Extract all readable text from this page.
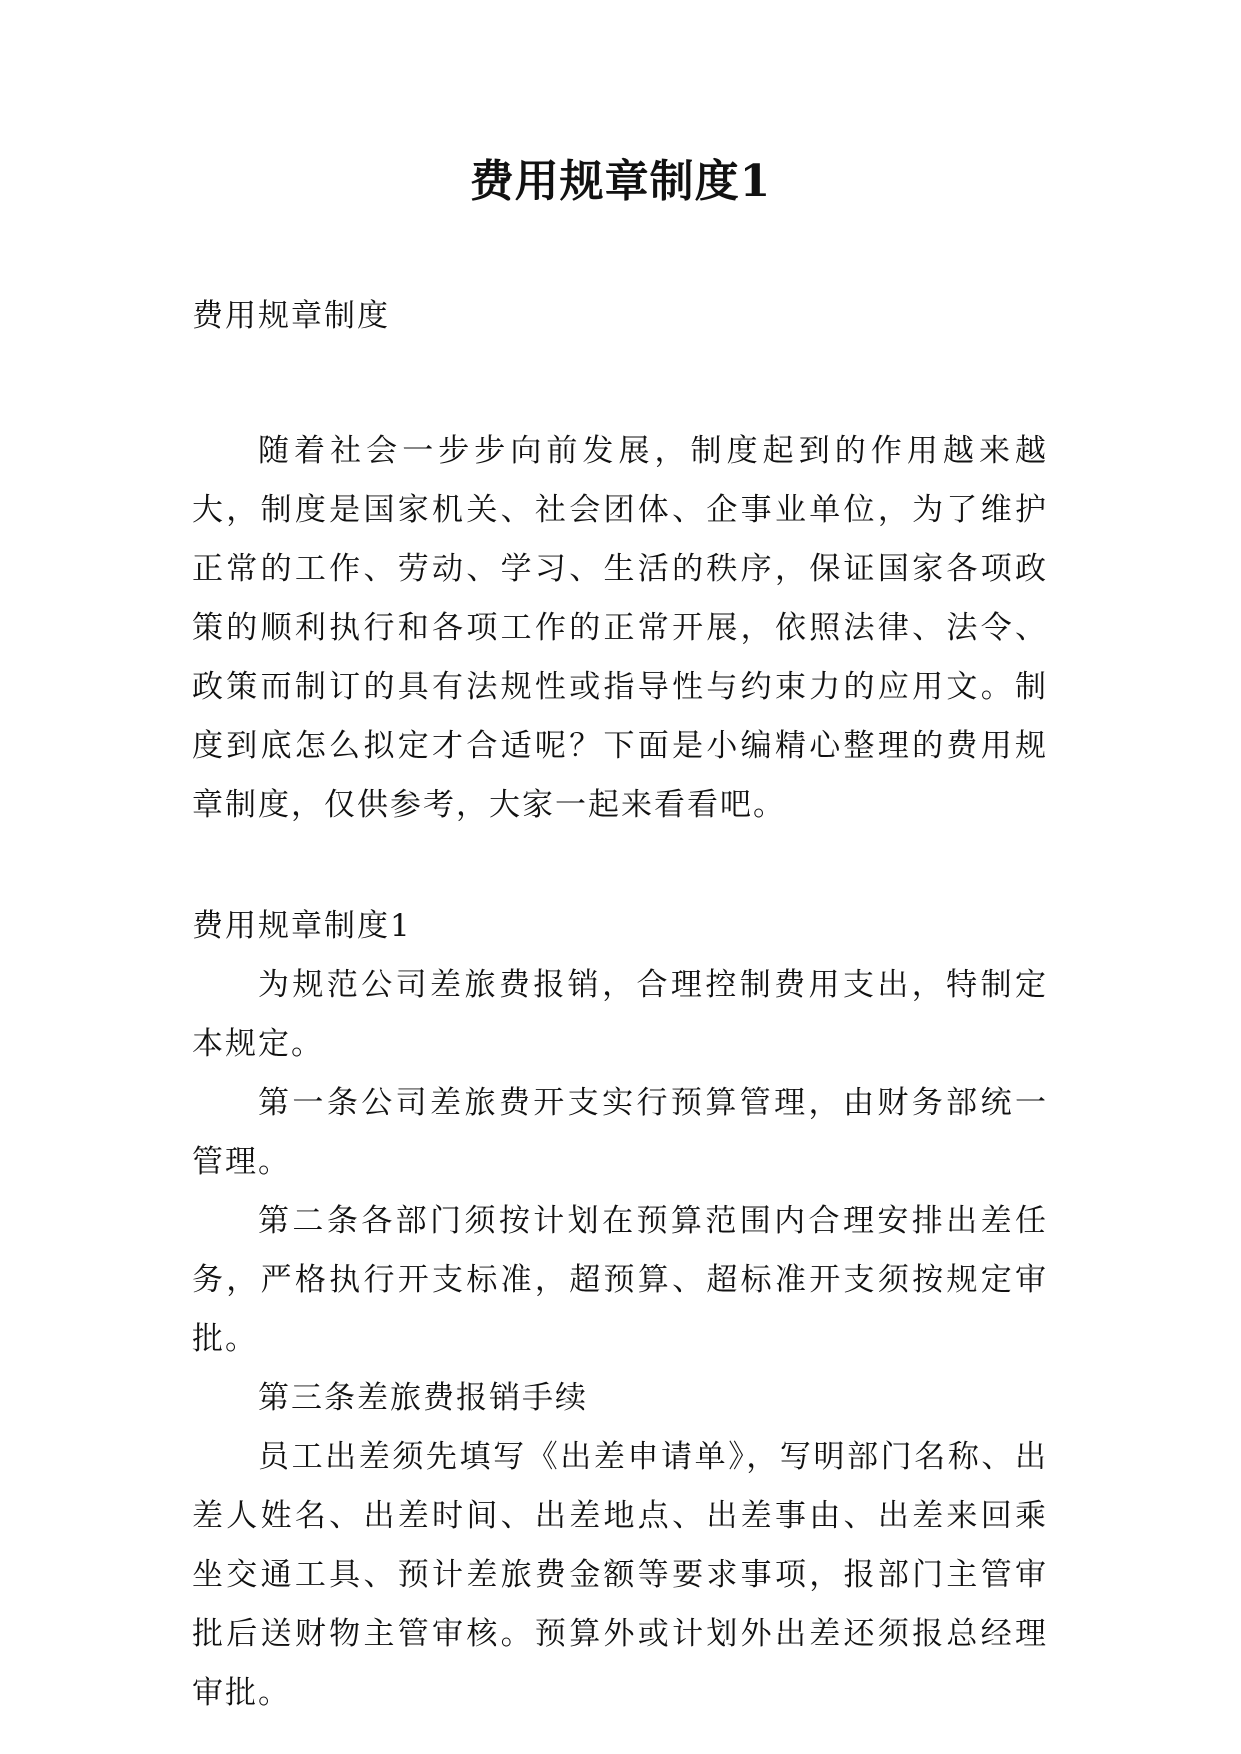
费用规章制度1

费用规章制度

随着社会一步步向前发展，制度起到的作用越来越大，制度是国家机关、社会团体、企事业单位，为了维护正常的工作、劳动、学习、生活的秩序，保证国家各项政策的顺利执行和各项工作的正常开展，依照法律、法令、政策而制订的具有法规性或指导性与约束力的应用文。制度到底怎么拟定才合适呢？下面是小编精心整理的费用规章制度，仅供参考，大家一起来看看吧。

费用规章制度1

为规范公司差旅费报销，合理控制费用支出，特制定本规定。

第一条公司差旅费开支实行预算管理，由财务部统一管理。

第二条各部门须按计划在预算范围内合理安排出差任务，严格执行开支标准，超预算、超标准开支须按规定审批。

第三条差旅费报销手续

员工出差须先填写《出差申请单》，写明部门名称、出差人姓名、出差时间、出差地点、出差事由、出差来回乘坐交通工具、预计差旅费金额等要求事项，报部门主管审批后送财物主管审核。预算外或计划外出差还须报总经理审批。
